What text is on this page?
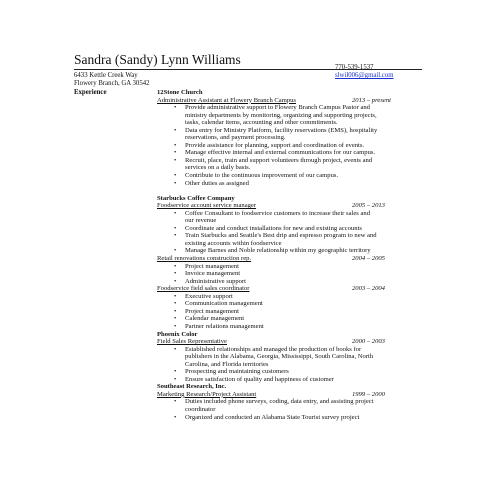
Sandra (Sandy) Lynn Williams
6433 Kettle Creek Way
Flowery Branch, GA 30542
770-539-1537
slwil006@gmail.com
Experience	12Stone Church
Administrative Assistant at Flowery Branch Campus	2013 – present
• Provide administrative support to Flowery Branch Campus Pastor and
ministry departments by monitoring, organizing and supporting projects,
tasks, calendar items, accounting and other commitments.
• Data entry for Ministry Platform, facility reservations (EMS), hospitality
reservations, and payment processing.
• Provide assistance for planning, support and coordination of events.
• Manage effective internal and external communications for our campus.
• Recruit, place, train and support volunteers through project, events and
services on a daily basis.
• Contribute to the continuous improvement of our campus.
• Other duties as assigned
Starbucks Coffee Company
Foodservice account service manager	2005 – 2013
• Coffee Consultant to foodservice customers to increase their sales and
our revenue
• Coordinate and conduct installations for new and existing accounts
• Train Starbucks and Seattle's Best drip and espresso program to new and
existing accounts within foodservice
• Manage Barnes and Noble relationship within my geographic territory
Retail renovations construction rep.	2004 – 2005
• Project management
• Invoice management
• Administrative support
Foodservice field sales coordinator	2003 – 2004
• Executive support
• Communication management
• Project management
• Calendar management
• Partner relations management
Phoenix Color
Field Sales Representative	2000 – 2003
• Established relationships and managed the production of books for
publishers in the Alabama, Georgia, Mississippi, South Carolina, North
Carolina, and Florida territories
• Prospecting and maintaining customers
• Ensure satisfaction of quality and happiness of customer
Southeast Research, Inc.
Marketing Research/Project Assistant	1999 – 2000
• Duties included phone surveys, coding, data entry, and assisting project
coordinator
• Organized and conducted an Alabama State Tourist survey project
